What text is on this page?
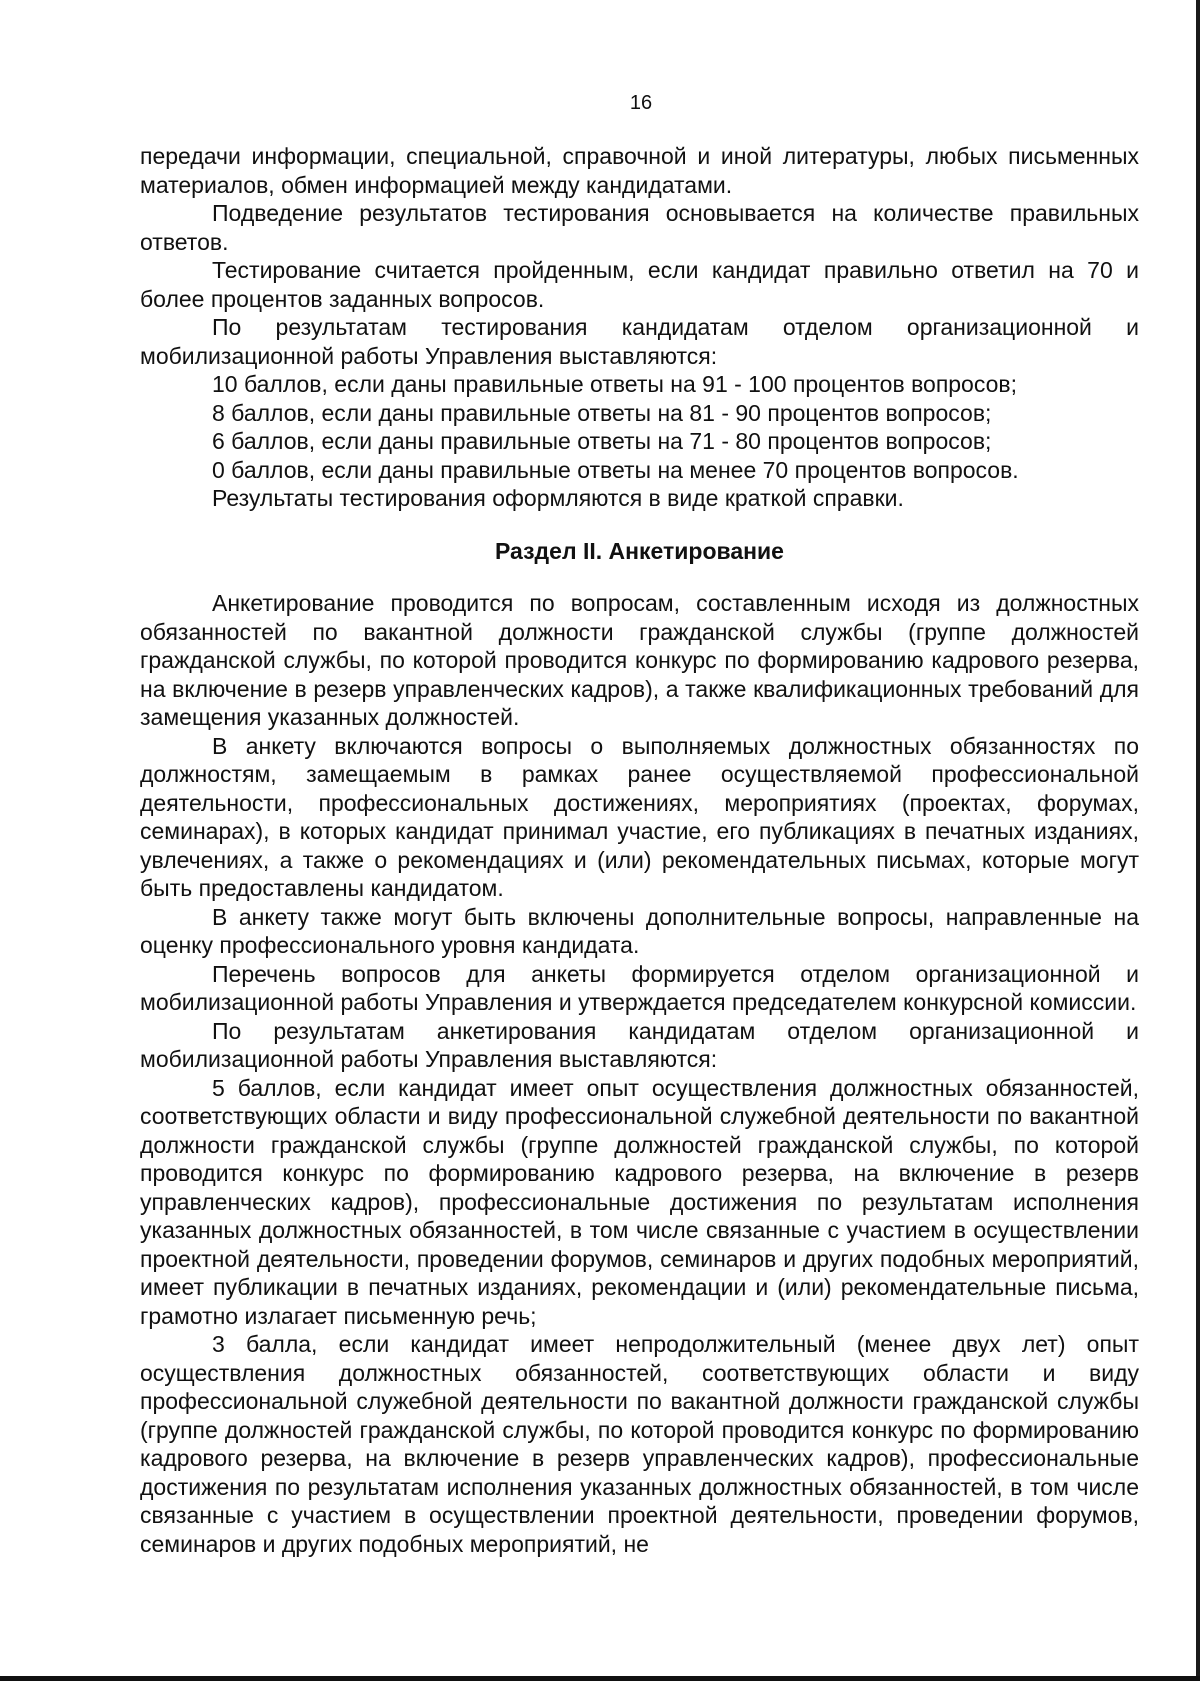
16

передачи информации, специальной, справочной и иной литературы, любых письменных материалов, обмен информацией между кандидатами.

Подведение результатов тестирования основывается на количестве правильных ответов.

Тестирование считается пройденным, если кандидат правильно ответил на 70 и более процентов заданных вопросов.

По результатам тестирования кандидатам отделом организационной и мобилизационной работы Управления выставляются:

10 баллов, если даны правильные ответы на 91 - 100 процентов вопросов;

8 баллов, если даны правильные ответы на 81 - 90 процентов вопросов;

6 баллов, если даны правильные ответы на 71 - 80 процентов вопросов;

0 баллов, если даны правильные ответы на менее 70 процентов вопросов.

Результаты тестирования оформляются в виде краткой справки.

Раздел II. Анкетирование

Анкетирование проводится по вопросам, составленным исходя из должностных обязанностей по вакантной должности гражданской службы (группе должностей гражданской службы, по которой проводится конкурс по формированию кадрового резерва, на включение в резерв управленческих кадров), а также квалификационных требований для замещения указанных должностей.

В анкету включаются вопросы о выполняемых должностных обязанностях по должностям, замещаемым в рамках ранее осуществляемой профессиональной деятельности, профессиональных достижениях, мероприятиях (проектах, форумах, семинарах), в которых кандидат принимал участие, его публикациях в печатных изданиях, увлечениях, а также о рекомендациях и (или) рекомендательных письмах, которые могут быть предоставлены кандидатом.

В анкету также могут быть включены дополнительные вопросы, направленные на оценку профессионального уровня кандидата.

Перечень вопросов для анкеты формируется отделом организационной и мобилизационной работы Управления и утверждается председателем конкурсной комиссии.

По результатам анкетирования кандидатам отделом организационной и мобилизационной работы Управления выставляются:

5 баллов, если кандидат имеет опыт осуществления должностных обязанностей, соответствующих области и виду профессиональной служебной деятельности по вакантной должности гражданской службы (группе должностей гражданской службы, по которой проводится конкурс по формированию кадрового резерва, на включение в резерв управленческих кадров), профессиональные достижения по результатам исполнения указанных должностных обязанностей, в том числе связанные с участием в осуществлении проектной деятельности, проведении форумов, семинаров и других подобных мероприятий, имеет публикации в печатных изданиях, рекомендации и (или) рекомендательные письма, грамотно излагает письменную речь;

3 балла, если кандидат имеет непродолжительный (менее двух лет) опыт осуществления должностных обязанностей, соответствующих области и виду профессиональной служебной деятельности по вакантной должности гражданской службы (группе должностей гражданской службы, по которой проводится конкурс по формированию кадрового резерва, на включение в резерв управленческих кадров), профессиональные достижения по результатам исполнения указанных должностных обязанностей, в том числе связанные с участием в осуществлении проектной деятельности, проведении форумов, семинаров и других подобных мероприятий, не
